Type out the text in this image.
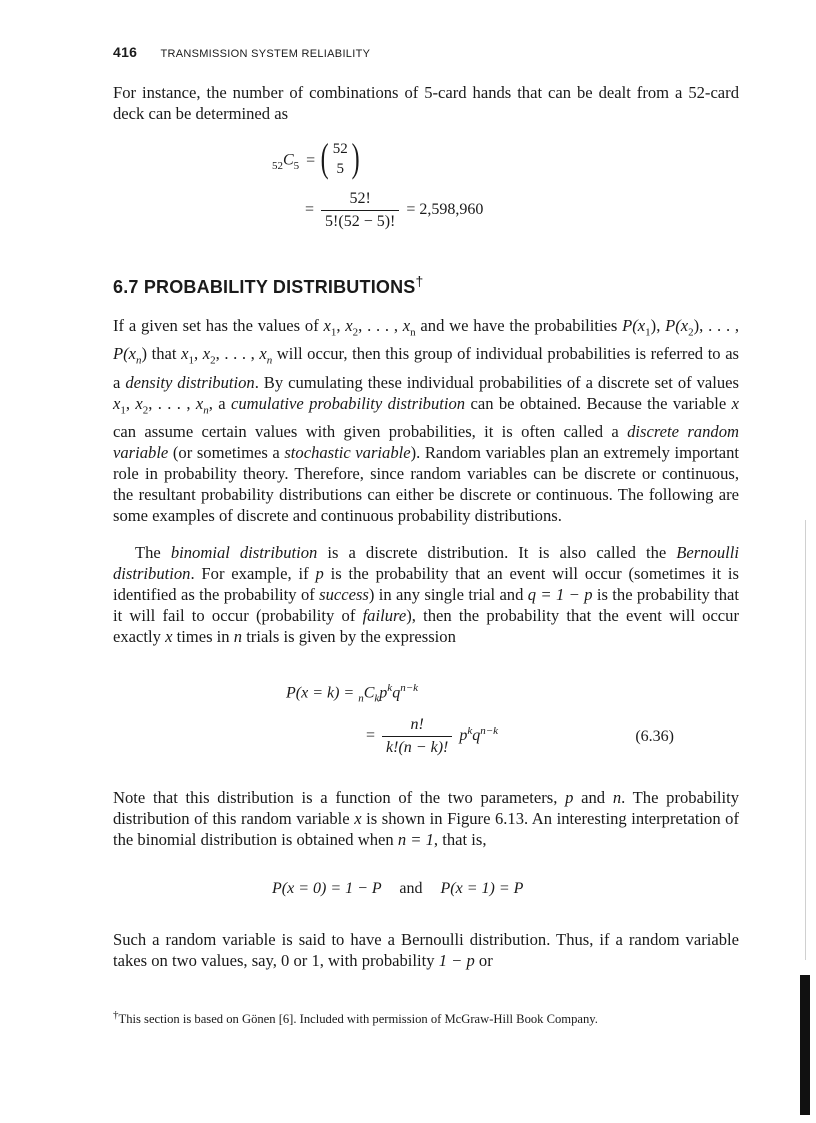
416 TRANSMISSION SYSTEM RELIABILITY

For instance, the number of combinations of 5-card hands that can be dealt from a 52-card deck can be determined as

$_{52}C_5$ = ( 52
5 )
= $\frac{52!}{5!(52 - 5)!} = 2,598,960$
6.7 PROBABILITY DISTRIBUTIONS†

If a given set has the values of $x_1$, $x_2$, . . . , $x_n$ and we have the probabilities $P(x_1)$, $P(x_2)$, . . . , $P(x_n)$ that $x_1$, $x_2$, . . . , $x_n$ will occur, then this group of individual probabilities is referred to as a density distribution. By cumulating these individual probabilities of a discrete set of values $x_1$, $x_2$, . . . , $x_n$, a cumulative probability distribution can be obtained. Because the variable x can assume certain values with given probabilities, it is often called a discrete random variable (or sometimes a stochastic variable). Random variables plan an extremely important role in probability theory. Therefore, since random variables can be discrete or continuous, the resultant probability distributions can either be discrete or continuous. The following are some examples of discrete and continuous probability distributions.

The binomial distribution is a discrete distribution. It is also called the Bernoulli distribution. For example, if p is the probability that an event will occur (sometimes it is identified as the probability of success) in any single trial and q = 1 − p is the probability that it will fail to occur (probability of failure), then the probability that the event will occur exactly x times in n trials is given by the expression

$P(x = k) = _nC_kp^kq^{n-k}$
= $\frac{n!}{k!(n - k)!} p^kq^{n-k}$	(6.36)

Note that this distribution is a function of the two parameters, p and n. The probability distribution of this random variable x is shown in Figure 6.13. An interesting interpretation of the binomial distribution is obtained when n = 1, that is,

P(x = 0) = 1 − P and P(x = 1) = P

Such a random variable is said to have a Bernoulli distribution. Thus, if a random variable takes on two values, say, 0 or 1, with probability 1 − p or

†This section is based on Gönen [6]. Included with permission of McGraw-Hill Book Company.
